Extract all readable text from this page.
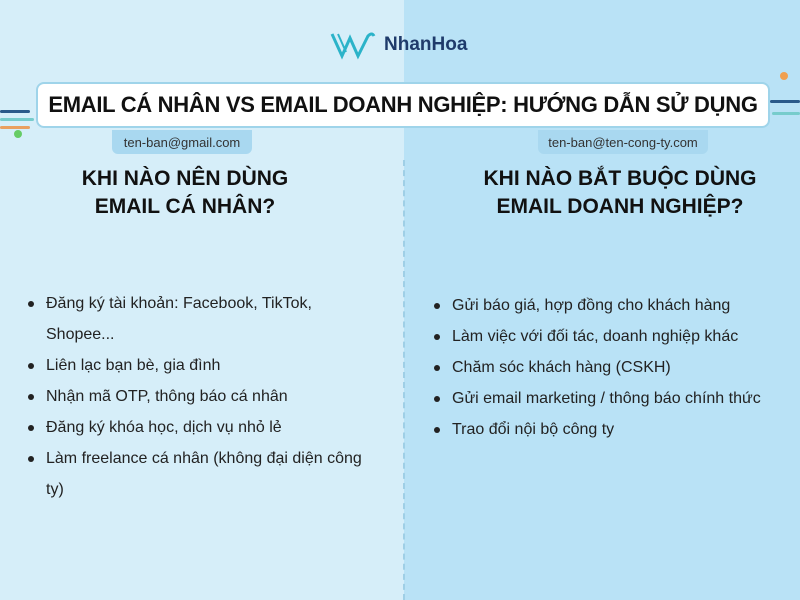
NhanHoa
EMAIL CÁ NHÂN VS EMAIL DOANH NGHIỆP: HƯỚNG DẪN SỬ DỤNG
ten-ban@gmail.com	ten-ban@ten-cong-ty.com
KHI NÀO NÊN DÙNG
EMAIL CÁ NHÂN?
KHI NÀO BẮT BUỘC DÙNG
EMAIL DOANH NGHIỆP?
Đăng ký tài khoản: Facebook, TikTok, Shopee...
Liên lạc bạn bè, gia đình
Nhận mã OTP, thông báo cá nhân
Đăng ký khóa học, dịch vụ nhỏ lẻ
Làm freelance cá nhân (không đại diện công ty)
Gửi báo giá, hợp đồng cho khách hàng
Làm việc với đối tác, doanh nghiệp khác
Chăm sóc khách hàng (CSKH)
Gửi email marketing / thông báo chính thức
Trao đổi nội bộ công ty
